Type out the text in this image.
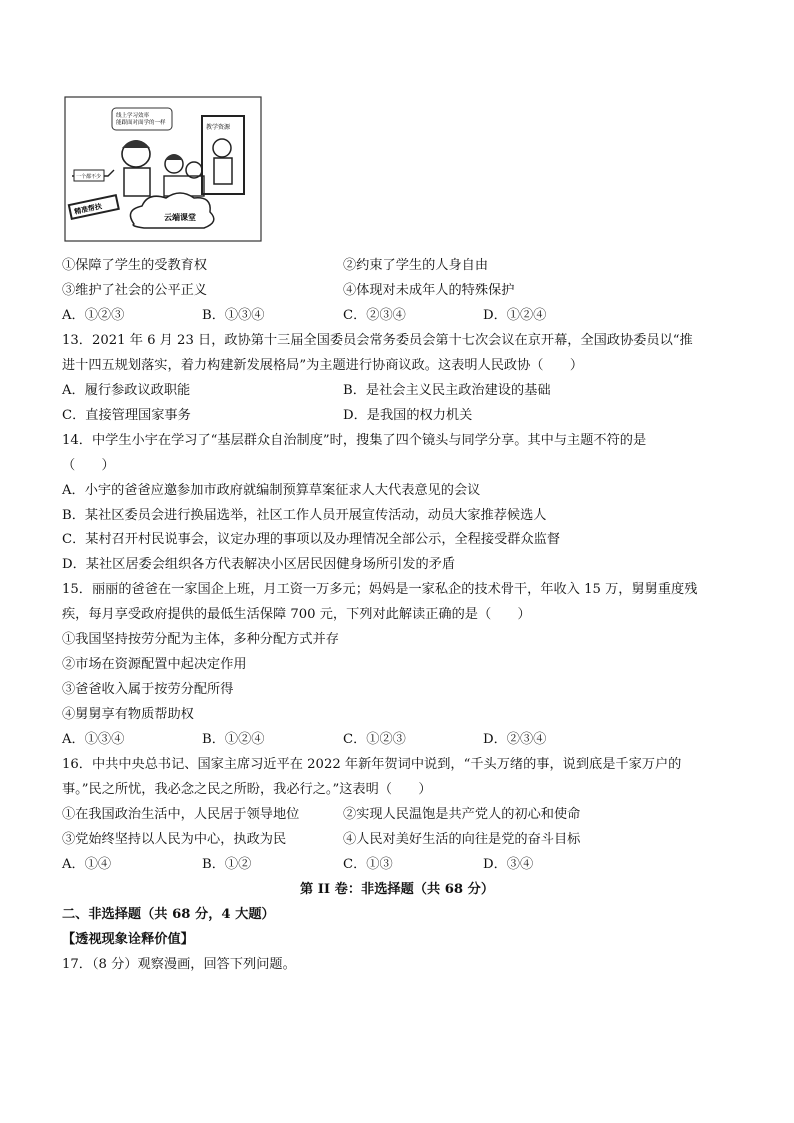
教学资源
线上学习效率能跟面对面学的一样
一个都不少
精准帮扶
云端课堂
①保障了学生的受教育权	②约束了学生的人身自由
③维护了社会的公平正义	④体现对未成年人的特殊保护
A．①②③	B．①③④	C．②③④	D．①②④
13．2021 年 6 月 23 日，政协第十三届全国委员会常务委员会第十七次会议在京开幕，全国政协委员以“推
进十四五规划落实，着力构建新发展格局”为主题进行协商议政。这表明人民政协（　　）
A．履行参政议政职能	B．是社会主义民主政治建设的基础
C．直接管理国家事务	D．是我国的权力机关
14．中学生小宇在学习了“基层群众自治制度”时，搜集了四个镜头与同学分享。其中与主题不符的是
（　　）
A．小宇的爸爸应邀参加市政府就编制预算草案征求人大代表意见的会议
B．某社区委员会进行换届选举，社区工作人员开展宣传活动，动员大家推荐候选人
C．某村召开村民说事会，议定办理的事项以及办理情况全部公示，全程接受群众监督
D．某社区居委会组织各方代表解决小区居民因健身场所引发的矛盾
15．丽丽的爸爸在一家国企上班，月工资一万多元；妈妈是一家私企的技术骨干，年收入 15 万，舅舅重度残
疾，每月享受政府提供的最低生活保障 700 元，下列对此解读正确的是（　　）
①我国坚持按劳分配为主体，多种分配方式并存
②市场在资源配置中起决定作用
③爸爸收入属于按劳分配所得
④舅舅享有物质帮助权
A．①③④	B．①②④	C．①②③	D．②③④
16．中共中央总书记、国家主席习近平在 2022 年新年贺词中说到，“千头万绪的事，说到底是千家万户的
事。”民之所忧，我必念之民之所盼，我必行之。”这表明（　　）
①在我国政治生活中，人民居于领导地位	②实现人民温饱是共产党人的初心和使命
③党始终坚持以人民为中心，执政为民	④人民对美好生活的向往是党的奋斗目标
A．①④	B．①②	C．①③	D．③④
第 II 卷：非选择题（共 68 分）
二、非选择题（共 68 分，4 大题）
【透视现象诠释价值】
17．（8 分）观察漫画，回答下列问题。
